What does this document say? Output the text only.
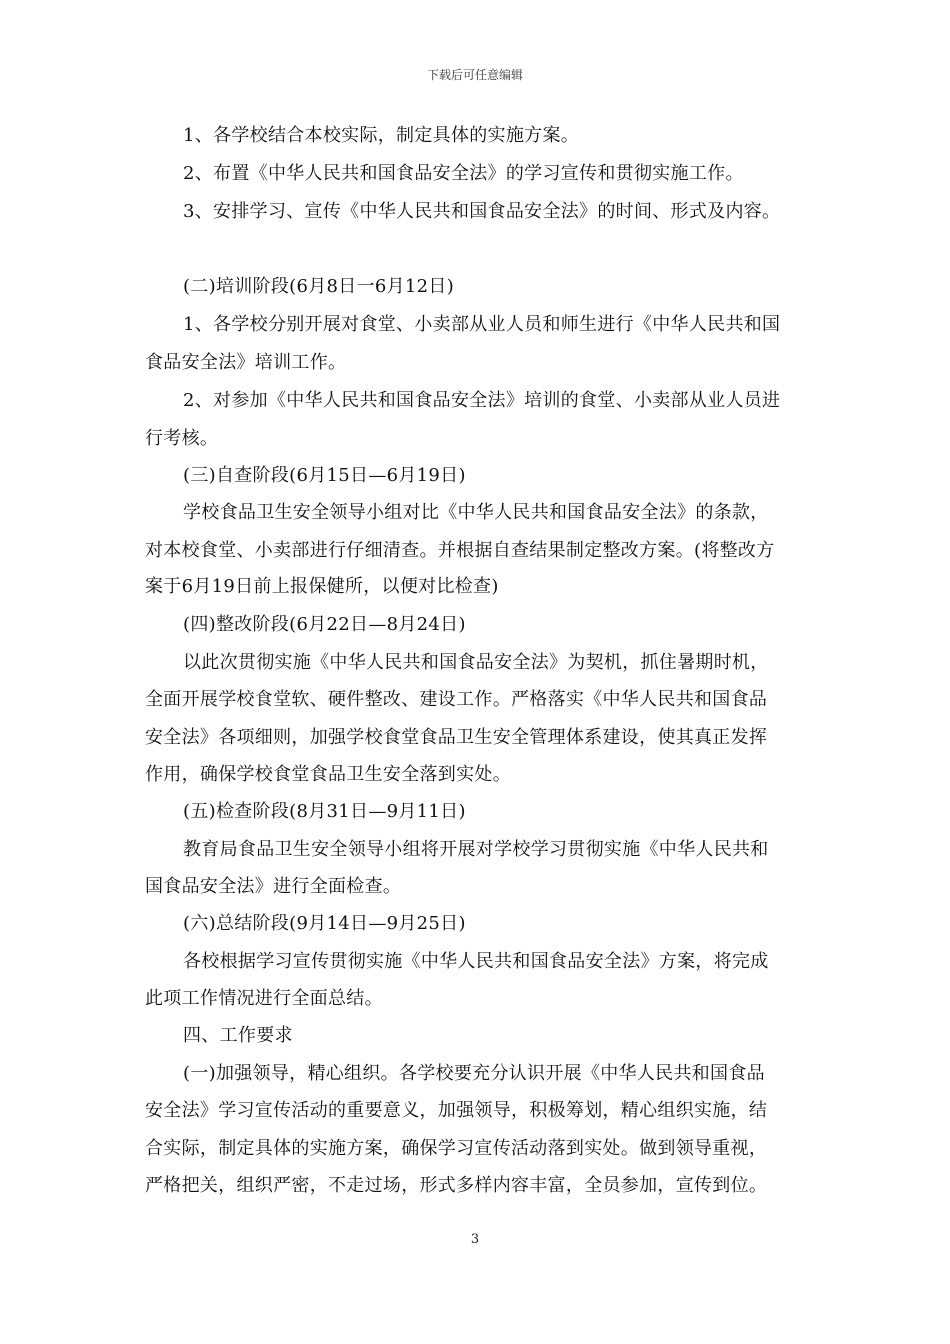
下载后可任意编辑
1、各学校结合本校实际，制定具体的实施方案。
2、布置《中华人民共和国食品安全法》的学习宣传和贯彻实施工作。
3、安排学习、宣传《中华人民共和国食品安全法》的时间、形式及内容。
(二)培训阶段(6月8日一6月12日)
1、各学校分别开展对食堂、小卖部从业人员和师生进行《中华人民共和国
食品安全法》培训工作。
2、对参加《中华人民共和国食品安全法》培训的食堂、小卖部从业人员进
行考核。
(三)自查阶段(6月15日—6月19日)
学校食品卫生安全领导小组对比《中华人民共和国食品安全法》的条款，
对本校食堂、小卖部进行仔细清查。并根据自查结果制定整改方案。(将整改方
案于6月19日前上报保健所，以便对比检查)
(四)整改阶段(6月22日—8月24日)
以此次贯彻实施《中华人民共和国食品安全法》为契机，抓住暑期时机，
全面开展学校食堂软、硬件整改、建设工作。严格落实《中华人民共和国食品
安全法》各项细则，加强学校食堂食品卫生安全管理体系建设，使其真正发挥
作用，确保学校食堂食品卫生安全落到实处。
(五)检查阶段(8月31日—9月11日)
教育局食品卫生安全领导小组将开展对学校学习贯彻实施《中华人民共和
国食品安全法》进行全面检查。
(六)总结阶段(9月14日—9月25日)
各校根据学习宣传贯彻实施《中华人民共和国食品安全法》方案，将完成
此项工作情况进行全面总结。
四、工作要求
(一)加强领导，精心组织。各学校要充分认识开展《中华人民共和国食品
安全法》学习宣传活动的重要意义，加强领导，积极筹划，精心组织实施，结
合实际，制定具体的实施方案，确保学习宣传活动落到实处。做到领导重视，
严格把关，组织严密，不走过场，形式多样内容丰富，全员参加，宣传到位。
3
